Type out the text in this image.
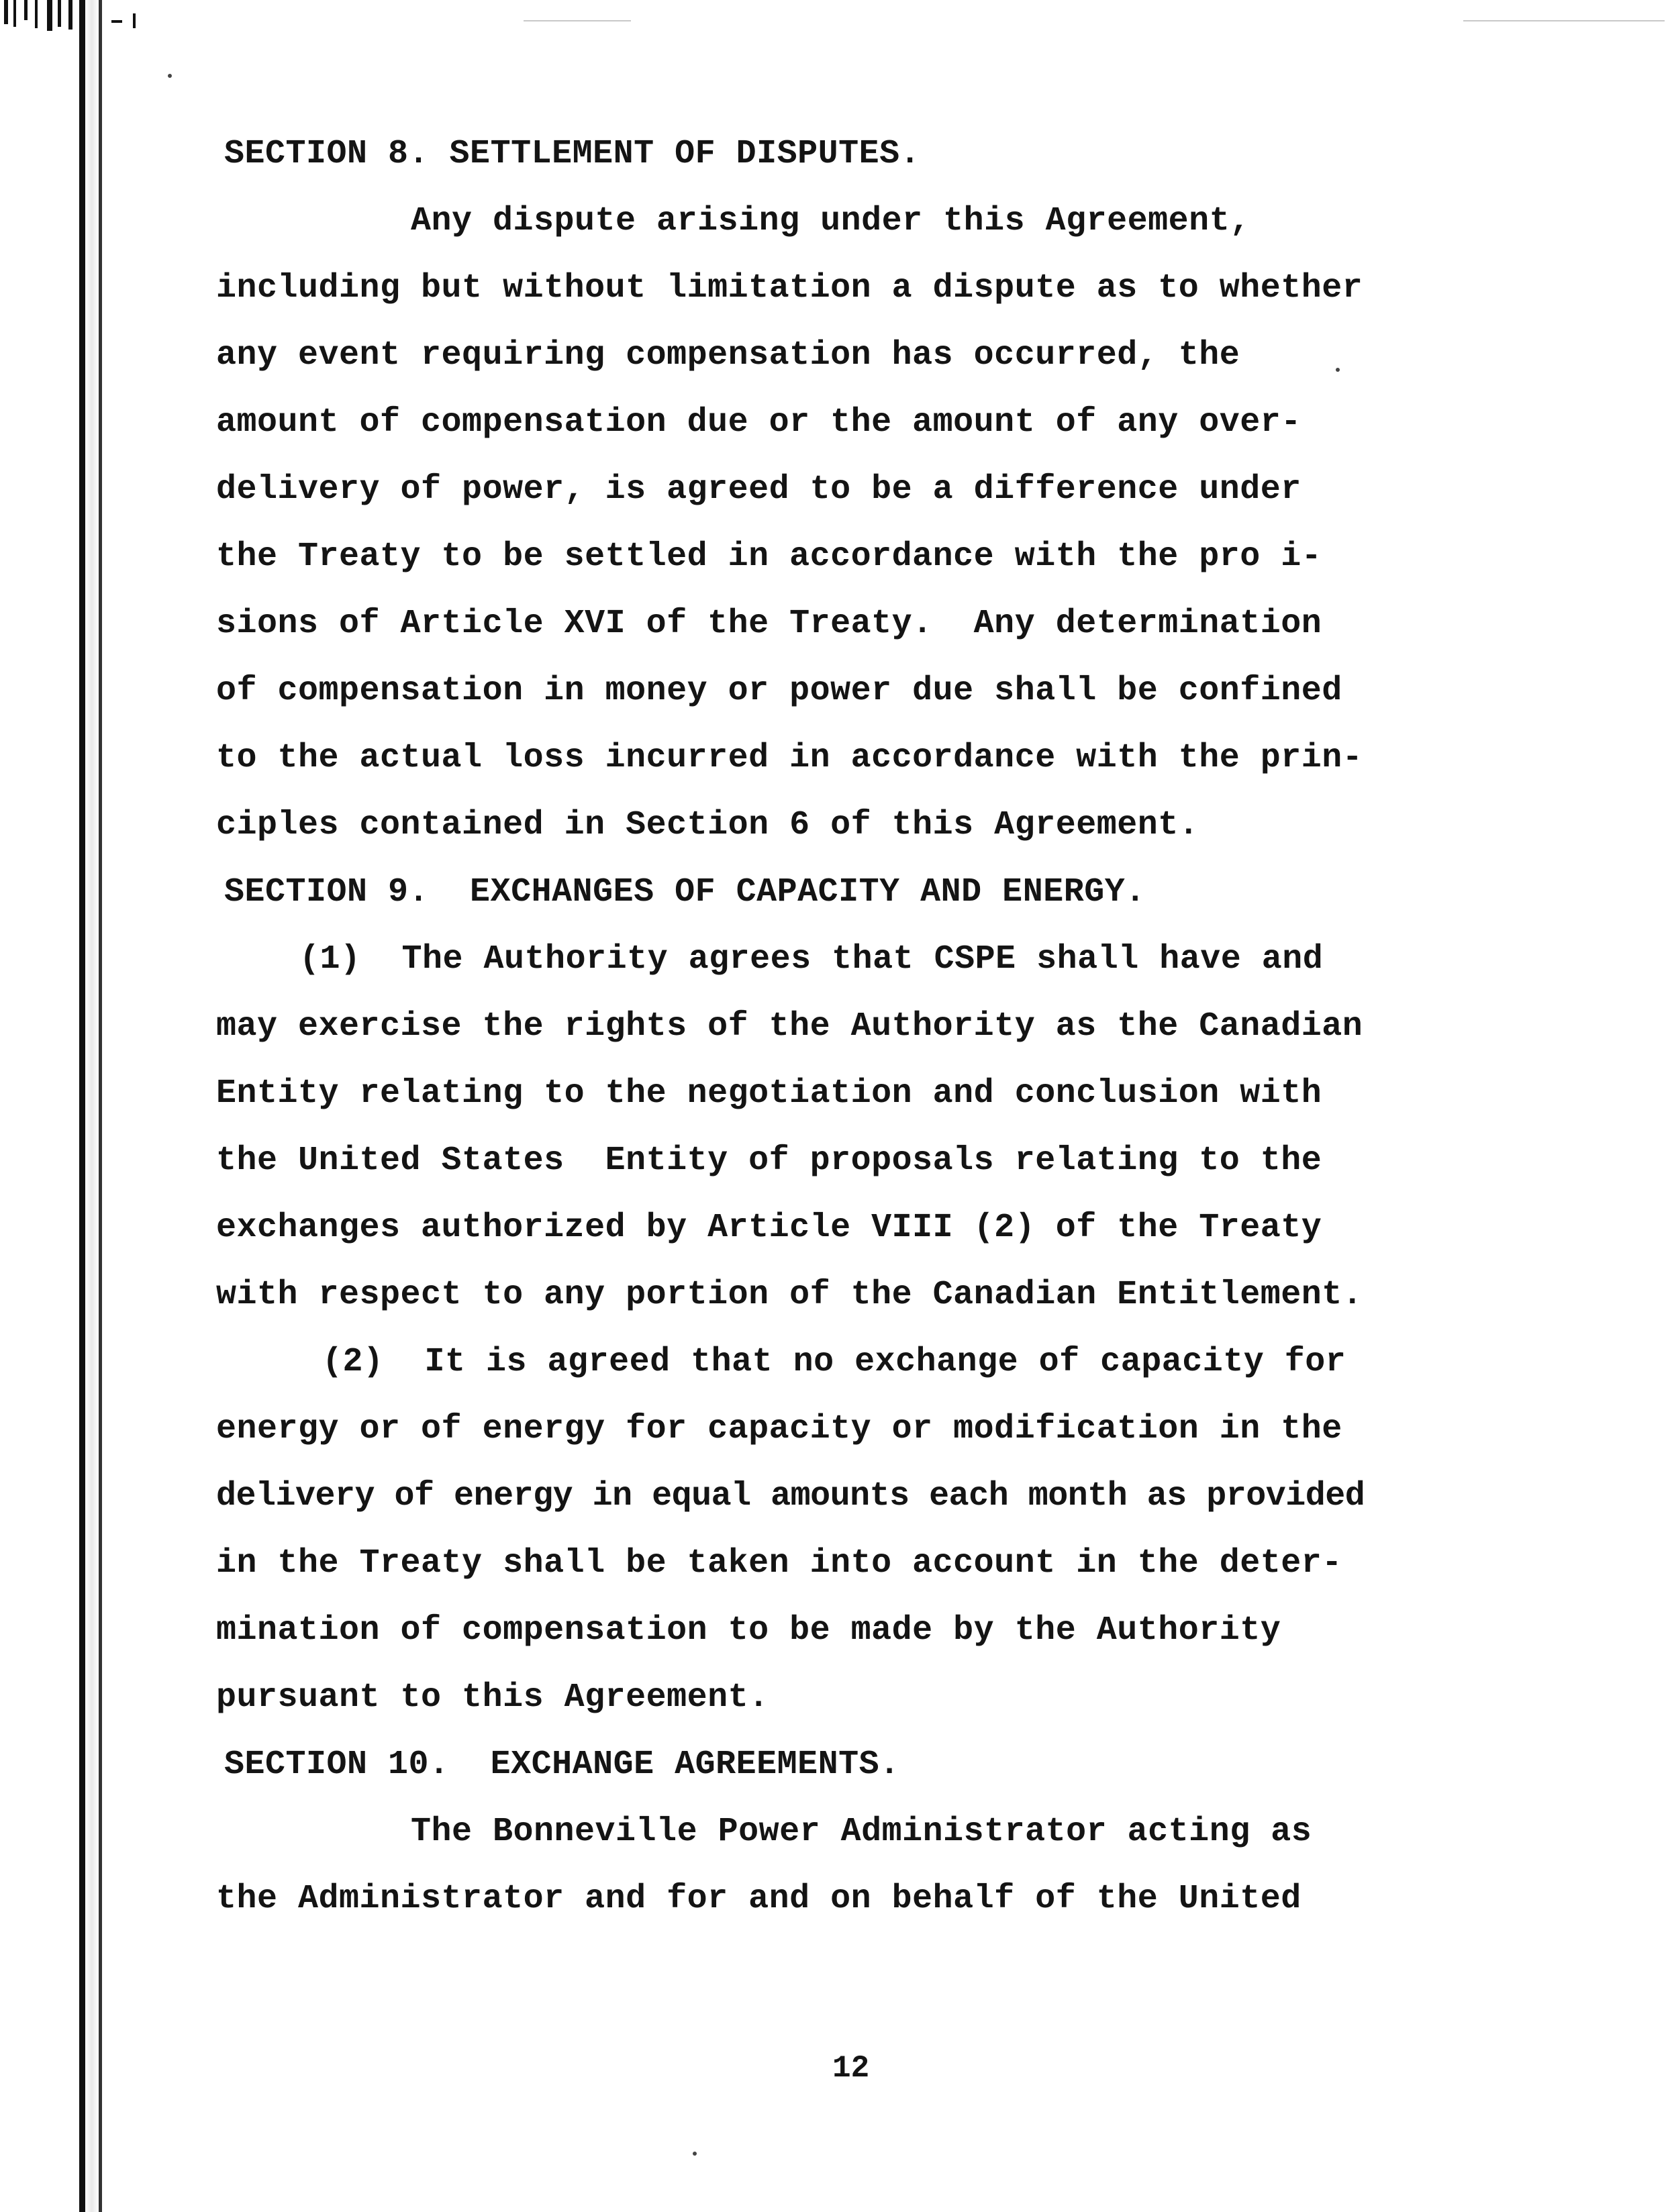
SECTION 8. SETTLEMENT OF DISPUTES.
Any dispute arising under this Agreement,
including but without limitation a dispute as to whether
any event requiring compensation has occurred, the
amount of compensation due or the amount of any over-
delivery of power, is agreed to be a difference under
the Treaty to be settled in accordance with the pro i-
sions of Article XVI of the Treaty.  Any determination
of compensation in money or power due shall be confined
to the actual loss incurred in accordance with the prin-
ciples contained in Section 6 of this Agreement.
SECTION 9.  EXCHANGES OF CAPACITY AND ENERGY.
(1)  The Authority agrees that CSPE shall have and
may exercise the rights of the Authority as the Canadian
Entity relating to the negotiation and conclusion with
the United States  Entity of proposals relating to the
exchanges authorized by Article VIII (2) of the Treaty
with respect to any portion of the Canadian Entitlement.
(2)  It is agreed that no exchange of capacity for
energy or of energy for capacity or modification in the
delivery of energy in equal amounts each month as provided
in the Treaty shall be taken into account in the deter-
mination of compensation to be made by the Authority
pursuant to this Agreement.
SECTION 10.  EXCHANGE AGREEMENTS.
The Bonneville Power Administrator acting as
the Administrator and for and on behalf of the United
12
